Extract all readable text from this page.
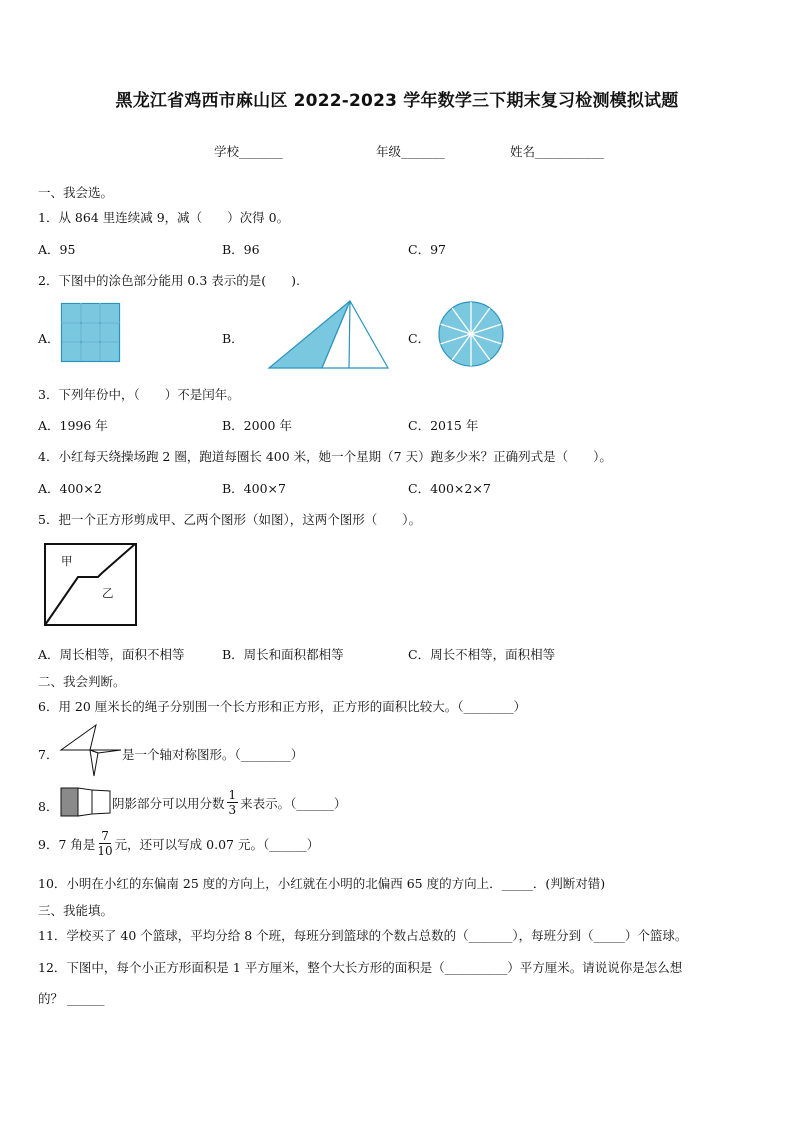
黑龙江省鸡西市麻山区 2022-2023 学年数学三下期末复习检测模拟试题
学校_______	年级_______	姓名___________
一、我会选。
1．从 864 里连续减 9，减（　　）次得 0。
A．95	B．96	C．97
2．下图中的涂色部分能用 0.3 表示的是(　　).
A．	B．	C．
3．下列年份中，（　　）不是闰年。
A．1996 年	B．2000 年	C．2015 年
4．小红每天绕操场跑 2 圈，跑道每圈长 400 米，她一个星期（7 天）跑多少米？正确列式是（　　）。
A．400×2	B．400×7	C．400×2×7
5．把一个正方形剪成甲、乙两个图形（如图），这两个图形（　　）。
甲
乙
A．周长相等，面积不相等	B．周长和面积都相等	C．周长不相等，面积相等
二、我会判断。
6．用 20 厘米长的绳子分别围一个长方形和正方形，正方形的面积比较大。（________）
7．	是一个轴对称图形。（________）
8．	阴影部分可以用分数 $\frac{1}{3}$ 来表示。（______）
9．7 角是 $\frac{7}{10}$ 元，还可以写成 0.07 元。（______）
10．小明在小红的东偏南 25 度的方向上，小红就在小明的北偏西 65 度的方向上．_____．(判断对错)
三、我能填。
11．学校买了 40 个篮球，平均分给 8 个班，每班分到篮球的个数占总数的（_______），每班分到（_____）个篮球。
12．下图中，每个小正方形面积是 1 平方厘米，整个大长方形的面积是（__________）平方厘米。请说说你是怎么想
的？ ______
